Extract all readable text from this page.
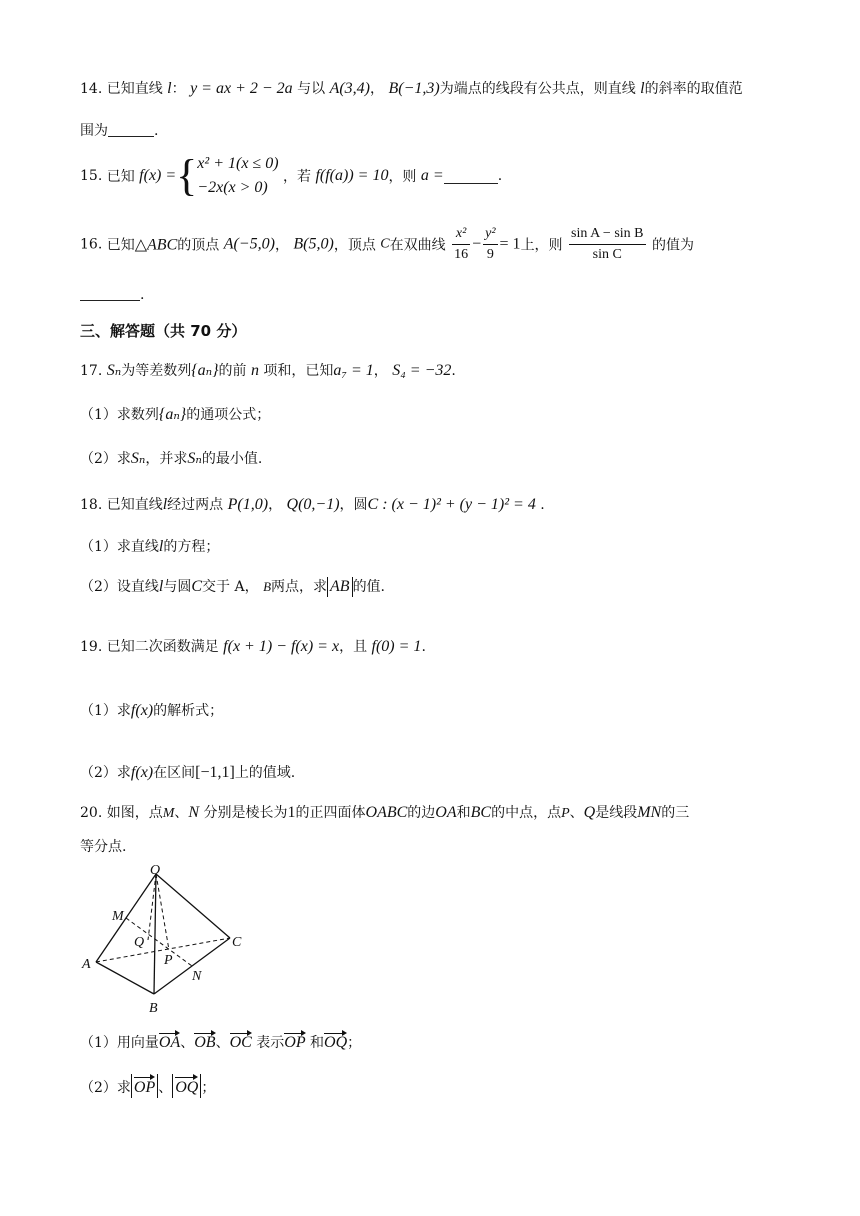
14. 已知直线 l： y = ax + 2 − 2a 与以 A(3,4)， B(−1,3)为端点的线段有公共点，则直线 l的斜率的取值范
围为	.
15. 已知 f(x) ={ x² + 1(x ≤ 0)
−2x(x > 0)
，若 f(f(a)) = 10，则 a =	.
16. 已知△ABC的顶点 A(−5,0)， B(5,0)，顶点 C在双曲线 $\frac{\text{x²}}{16} - \frac{\text{y²}}{9} = 1$上，则 $\frac{\text{sin A − sin B}}{\text{sin C}}$ 的值为
.
三、解答题（共 70 分）
17. Sₙ为等差数列{aₙ}的前 n 项和，已知a₇ = 1， S₄ = −32.
（1）求数列{aₙ}的通项公式；
（2）求Sₙ，并求Sₙ的最小值.
18. 已知直线l经过两点 P(1,0)， Q(0,−1)，圆C : (x − 1)² + (y − 1)² = 4 .
（1）求直线l的方程；
（2）设直线l与圆C交于 A， B两点，求 AB 的值.
19. 已知二次函数满足 f(x + 1) − f(x) = x，且 f(0) = 1.
（1）求f(x)的解析式；
（2）求f(x)在区间[−1,1]上的值域.
20. 如图，点M、N 分别是棱长为1的正四面体OABC的边OA和BC的中点，点P、Q是线段MN的三
等分点.
O
M
Q	C
A	P
N
B
（1）用向量OA、OB、OC 表示OP 和OQ；
（2）求 OP 、 OQ ；
